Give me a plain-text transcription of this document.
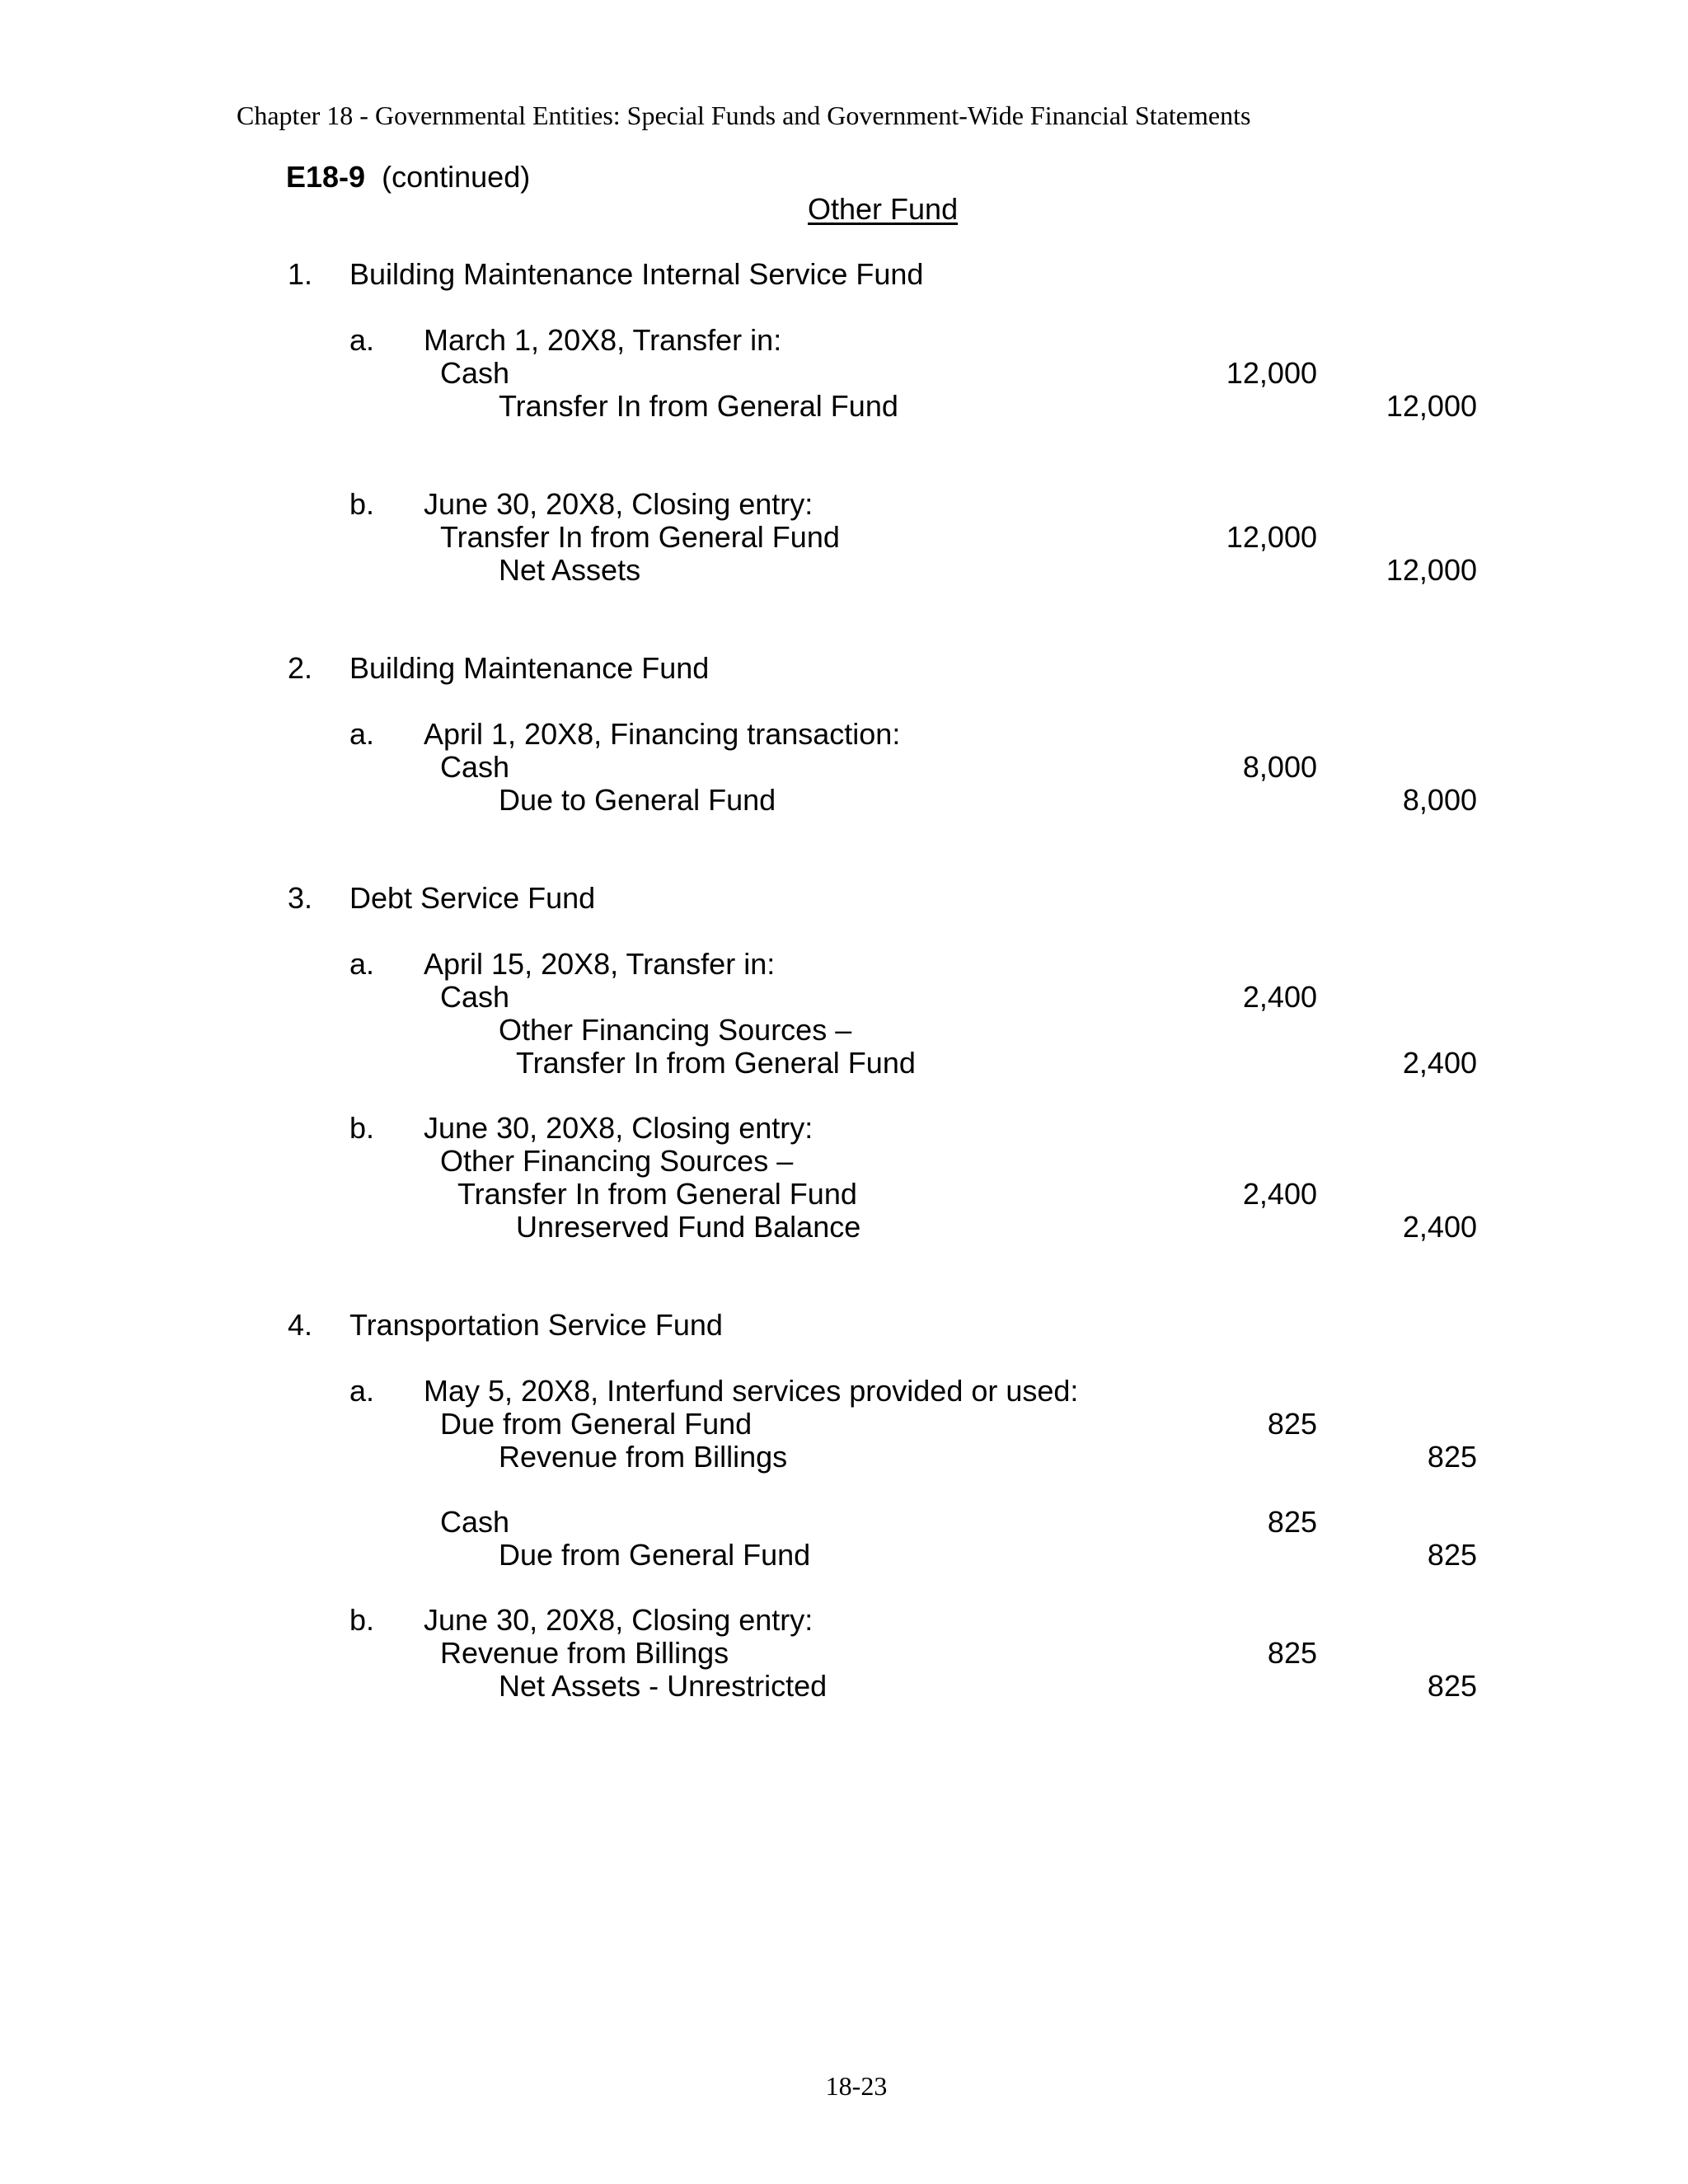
Chapter 18 - Governmental Entities: Special Funds and Government-Wide Financial Statements
E18-9 (continued)
Other Fund
1. Building Maintenance Internal Service Fund
a. March 1, 20X8, Transfer in:
Cash	12,000
Transfer In from General Fund	12,000
b. June 30, 20X8, Closing entry:
Transfer In from General Fund	12,000
Net Assets	12,000
2. Building Maintenance Fund
a. April 1, 20X8, Financing transaction:
Cash	8,000
Due to General Fund	8,000
3. Debt Service Fund
a. April 15, 20X8, Transfer in:
Cash	2,400
Other Financing Sources –
Transfer In from General Fund	2,400
b. June 30, 20X8, Closing entry:
Other Financing Sources –
Transfer In from General Fund	2,400
Unreserved Fund Balance	2,400
4. Transportation Service Fund
a. May 5, 20X8, Interfund services provided or used:
Due from General Fund	825
Revenue from Billings	825
Cash	825
Due from General Fund	825
b. June 30, 20X8, Closing entry:
Revenue from Billings	825
Net Assets - Unrestricted	825
18-23
